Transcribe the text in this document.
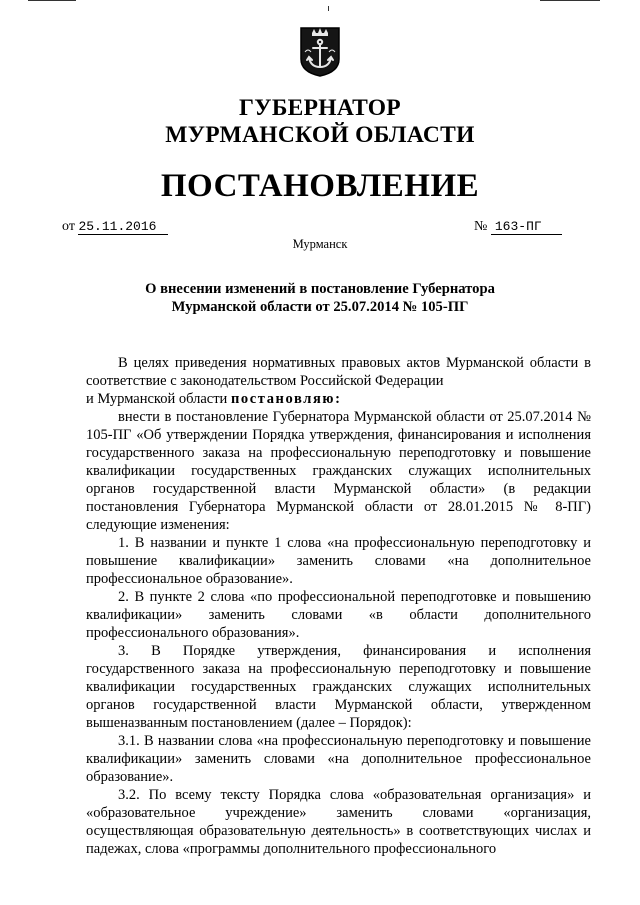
ГУБЕРНАТОР
МУРМАНСКОЙ ОБЛАСТИ
ПОСТАНОВЛЕНИЕ
от 25.11.2016	№ 163-ПГ
Мурманск
О внесении изменений в постановление Губернатора
Мурманской области от 25.07.2014 № 105-ПГ

В целях приведения нормативных правовых актов Мурманской области в соответствие с законодательством Российской Федерации

и Мурманской области постановляю:

внести в постановление Губернатора Мурманской области от 25.07.2014 № 105-ПГ «Об утверждении Порядка утверждения, финансирования и исполнения государственного заказа на профессиональную переподготовку и повышение квалификации государственных гражданских служащих исполнительных органов государственной власти Мурманской области» (в редакции постановления Губернатора Мурманской области от 28.01.2015 № 8-ПГ) следующие изменения:

1. В названии и пункте 1 слова «на профессиональную переподготовку и повышение квалификации» заменить словами «на дополнительное профессиональное образование».

2. В пункте 2 слова «по профессиональной переподготовке и повышению квалификации» заменить словами «в области дополнительного профессионального образования».

3. В Порядке утверждения, финансирования и исполнения государственного заказа на профессиональную переподготовку и повышение квалификации государственных гражданских служащих исполнительных органов государственной власти Мурманской области, утвержденном вышеназванным постановлением (далее – Порядок):

3.1. В названии слова «на профессиональную переподготовку и повышение квалификации» заменить словами «на дополнительное профессиональное образование».

3.2. По всему тексту Порядка слова «образовательная организация» и «образовательное учреждение» заменить словами «организация, осуществляющая образовательную деятельность» в соответствующих числах и падежах, слова «программы дополнительного профессионального
